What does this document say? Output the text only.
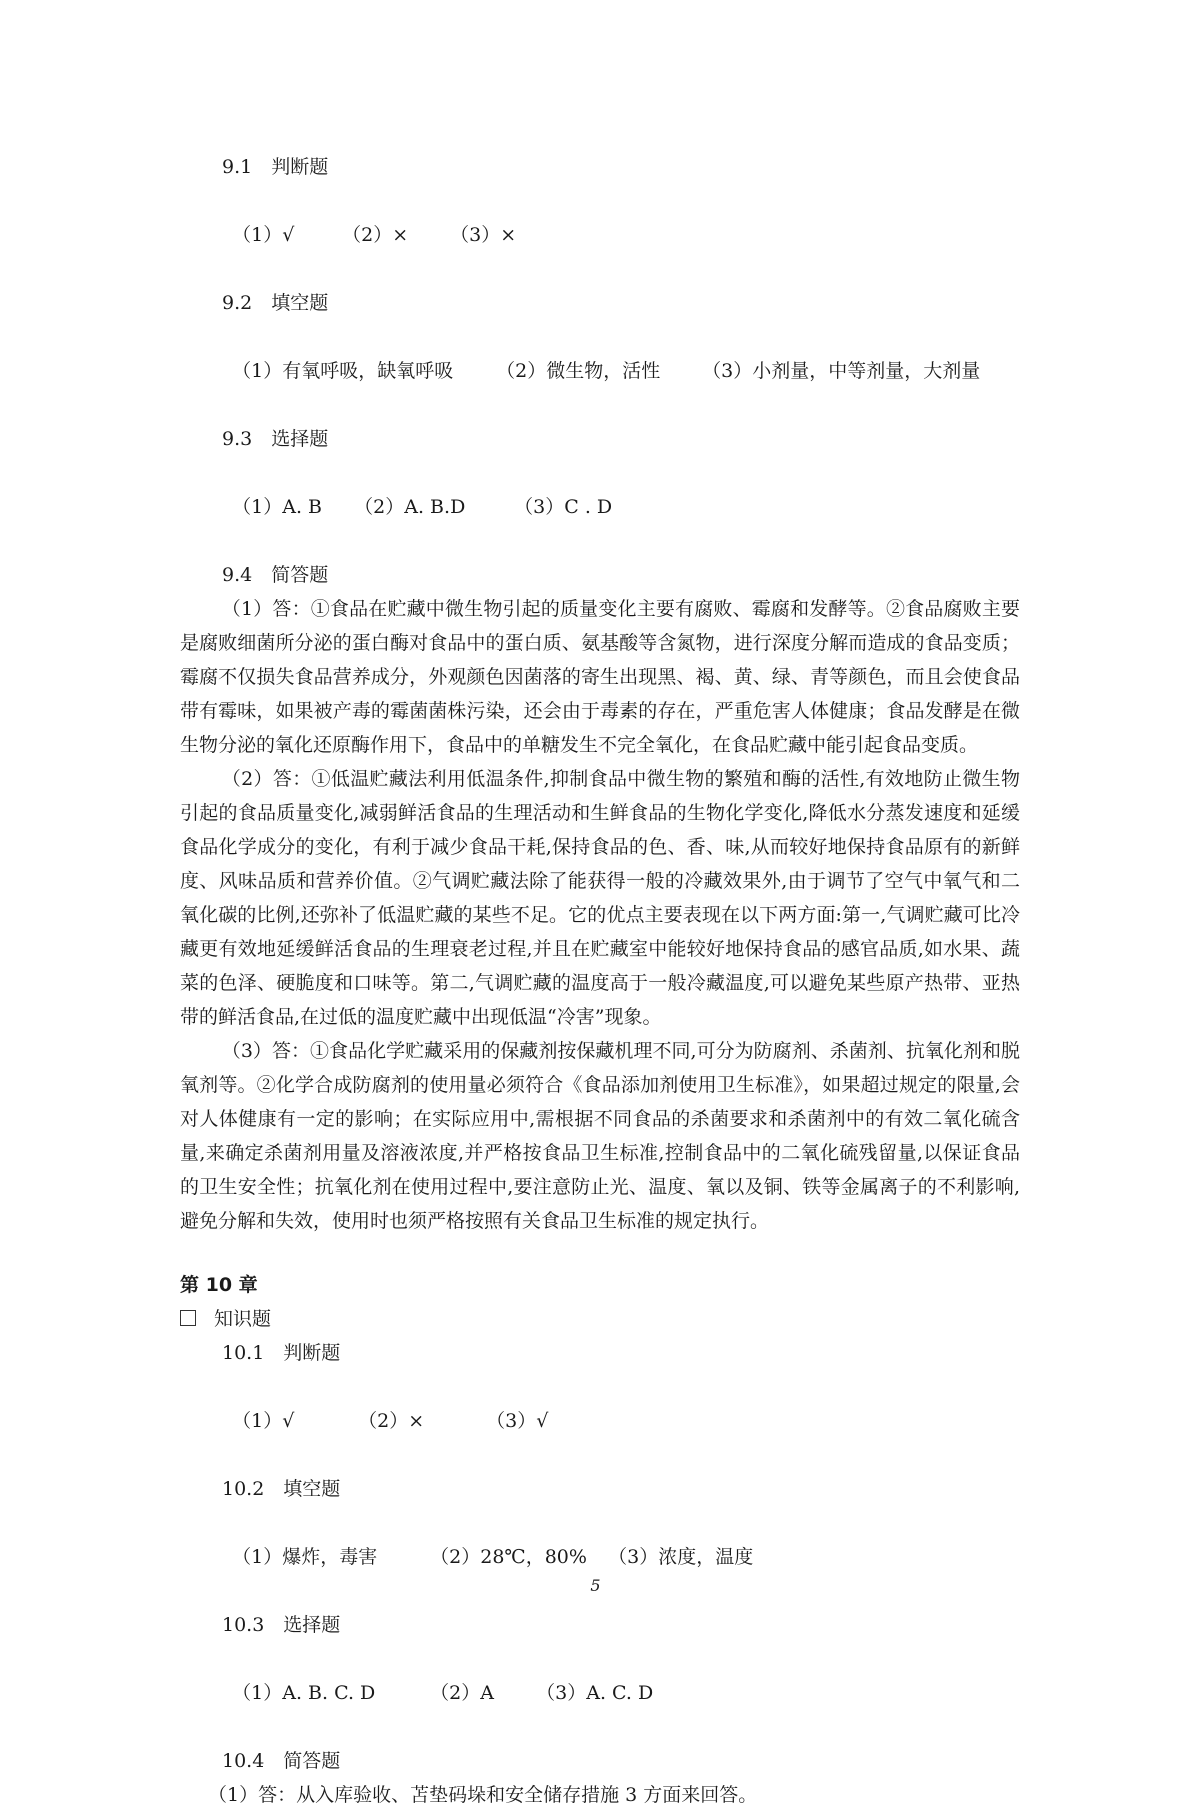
9.1　判断题

（1）√	（2）× （3）×

9.2　填空题

（1）有氧呼吸，缺氧呼吸 （2）微生物，活性 （3）小剂量，中等剂量，大剂量

9.3　选择题

（1）A. B （2）A. B.D	（3）C . D

9.4　简答题

（1）答：①食品在贮藏中微生物引起的质量变化主要有腐败、霉腐和发酵等。②食品腐败主要是腐败细菌所分泌的蛋白酶对食品中的蛋白质、氨基酸等含氮物，进行深度分解而造成的食品变质；霉腐不仅损失食品营养成分，外观颜色因菌落的寄生出现黑、褐、黄、绿、青等颜色，而且会使食品带有霉味，如果被产毒的霉菌菌株污染，还会由于毒素的存在，严重危害人体健康；食品发酵是在微生物分泌的氧化还原酶作用下，食品中的单糖发生不完全氧化，在食品贮藏中能引起食品变质。

（2）答：①低温贮藏法利用低温条件,抑制食品中微生物的繁殖和酶的活性,有效地防止微生物引起的食品质量变化,减弱鲜活食品的生理活动和生鲜食品的生物化学变化,降低水分蒸发速度和延缓食品化学成分的变化，有利于减少食品干耗,保持食品的色、香、味,从而较好地保持食品原有的新鲜度、风味品质和营养价值。②气调贮藏法除了能获得一般的冷藏效果外,由于调节了空气中氧气和二氧化碳的比例,还弥补了低温贮藏的某些不足。它的优点主要表现在以下两方面:第一,气调贮藏可比冷藏更有效地延缓鲜活食品的生理衰老过程,并且在贮藏室中能较好地保持食品的感官品质,如水果、蔬菜的色泽、硬脆度和口味等。第二,气调贮藏的温度高于一般冷藏温度,可以避免某些原产热带、亚热带的鲜活食品,在过低的温度贮藏中出现低温“冷害”现象。

（3）答：①食品化学贮藏采用的保藏剂按保藏机理不同,可分为防腐剂、杀菌剂、抗氧化剂和脱氧剂等。②化学合成防腐剂的使用量必须符合《食品添加剂使用卫生标准》，如果超过规定的限量,会对人体健康有一定的影响；在实际应用中,需根据不同食品的杀菌要求和杀菌剂中的有效二氧化硫含量,来确定杀菌剂用量及溶液浓度,并严格按食品卫生标准,控制食品中的二氧化硫残留量,以保证食品的卫生安全性；抗氧化剂在使用过程中,要注意防止光、温度、氧以及铜、铁等金属离子的不利影响,避免分解和失效，使用时也须严格按照有关食品卫生标准的规定执行。

第 10 章
知识题
10.1　判断题

（1）√	（2）×	（3）√

10.2　填空题

（1）爆炸，毒害	（2）28℃，80% （3）浓度，温度

10.3　选择题

（1）A. B. C. D	（2）A （3）A. C. D

10.4　简答题
（1）答：从入库验收、苫垫码垛和安全储存措施 3 方面来回答。
5
